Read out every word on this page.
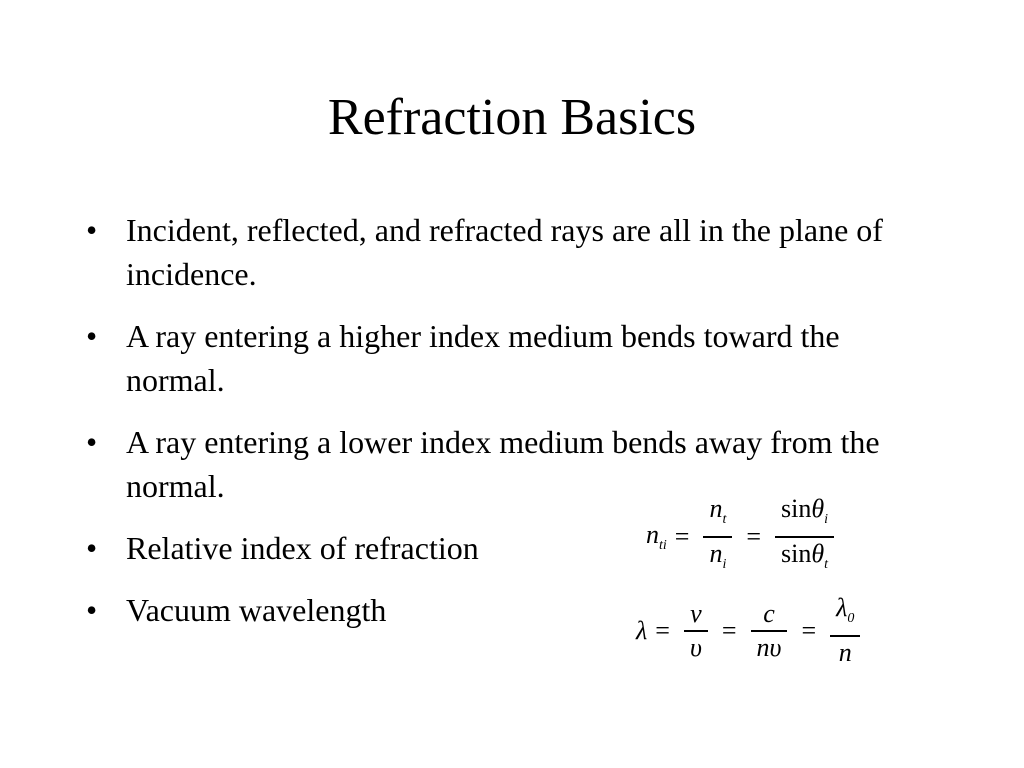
Refraction Basics
• Incident, reflected, and refracted rays are all in the plane of incidence.
• A ray entering a higher index medium bends toward the normal.
• A ray entering a lower index medium bends away from the normal.
• Relative index of refraction
• Vacuum wavelength
$n_{ti} = \frac{n_t}{n_i} = \frac{\sin\theta_i}{\sin\theta_t}$
$\lambda = \frac{v}{\upsilon} = \frac{c}{n\upsilon} = \frac{\lambda_0}{n}$
